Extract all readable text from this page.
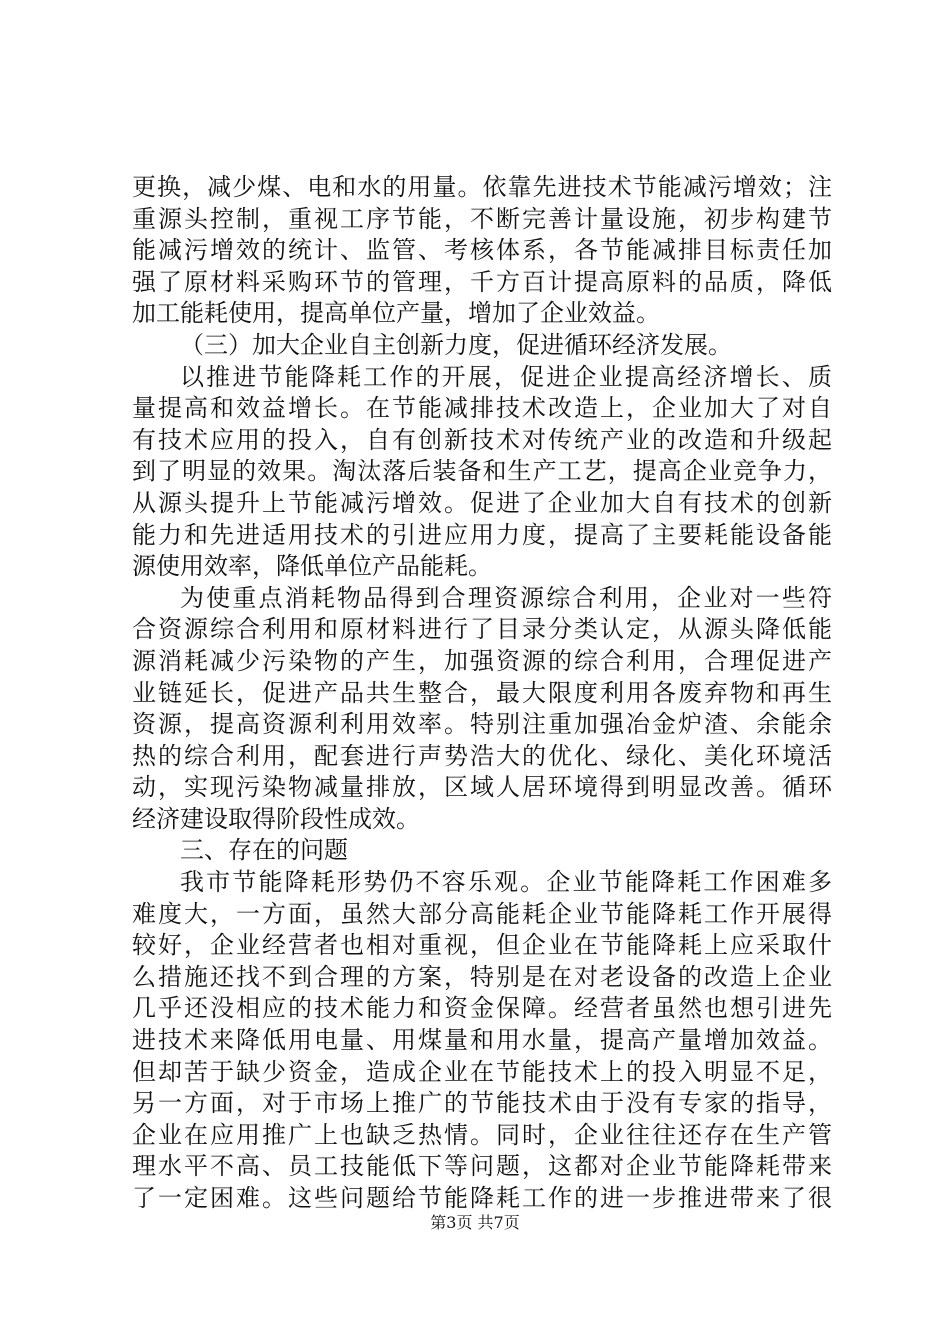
更换，减少煤、电和水的用量。依靠先进技术节能减污增效；注
重源头控制，重视工序节能，不断完善计量设施，初步构建节
能减污增效的统计、监管、考核体系，各节能减排目标责任加
强了原材料采购环节的管理，千方百计提高原料的品质，降低
加工能耗使用，提高单位产量，增加了企业效益。
（三）加大企业自主创新力度，促进循环经济发展。
以推进节能降耗工作的开展，促进企业提高经济增长、质
量提高和效益增长。在节能减排技术改造上，企业加大了对自
有技术应用的投入，自有创新技术对传统产业的改造和升级起
到了明显的效果。淘汰落后装备和生产工艺，提高企业竞争力，
从源头提升上节能减污增效。促进了企业加大自有技术的创新
能力和先进适用技术的引进应用力度，提高了主要耗能设备能
源使用效率，降低单位产品能耗。
为使重点消耗物品得到合理资源综合利用，企业对一些符
合资源综合利用和原材料进行了目录分类认定，从源头降低能
源消耗减少污染物的产生，加强资源的综合利用，合理促进产
业链延长，促进产品共生整合，最大限度利用各废弃物和再生
资源，提高资源利利用效率。特别注重加强冶金炉渣、余能余
热的综合利用，配套进行声势浩大的优化、绿化、美化环境活
动，实现污染物减量排放，区域人居环境得到明显改善。循环
经济建设取得阶段性成效。
三、存在的问题
我市节能降耗形势仍不容乐观。企业节能降耗工作困难多
难度大，一方面，虽然大部分高能耗企业节能降耗工作开展得
较好，企业经营者也相对重视，但企业在节能降耗上应采取什
么措施还找不到合理的方案，特别是在对老设备的改造上企业
几乎还没相应的技术能力和资金保障。经营者虽然也想引进先
进技术来降低用电量、用煤量和用水量，提高产量增加效益。
但却苦于缺少资金，造成企业在节能技术上的投入明显不足，
另一方面，对于市场上推广的节能技术由于没有专家的指导，
企业在应用推广上也缺乏热情。同时，企业往往还存在生产管
理水平不高、员工技能低下等问题，这都对企业节能降耗带来
了一定困难。这些问题给节能降耗工作的进一步推进带来了很
第3页 共7页
